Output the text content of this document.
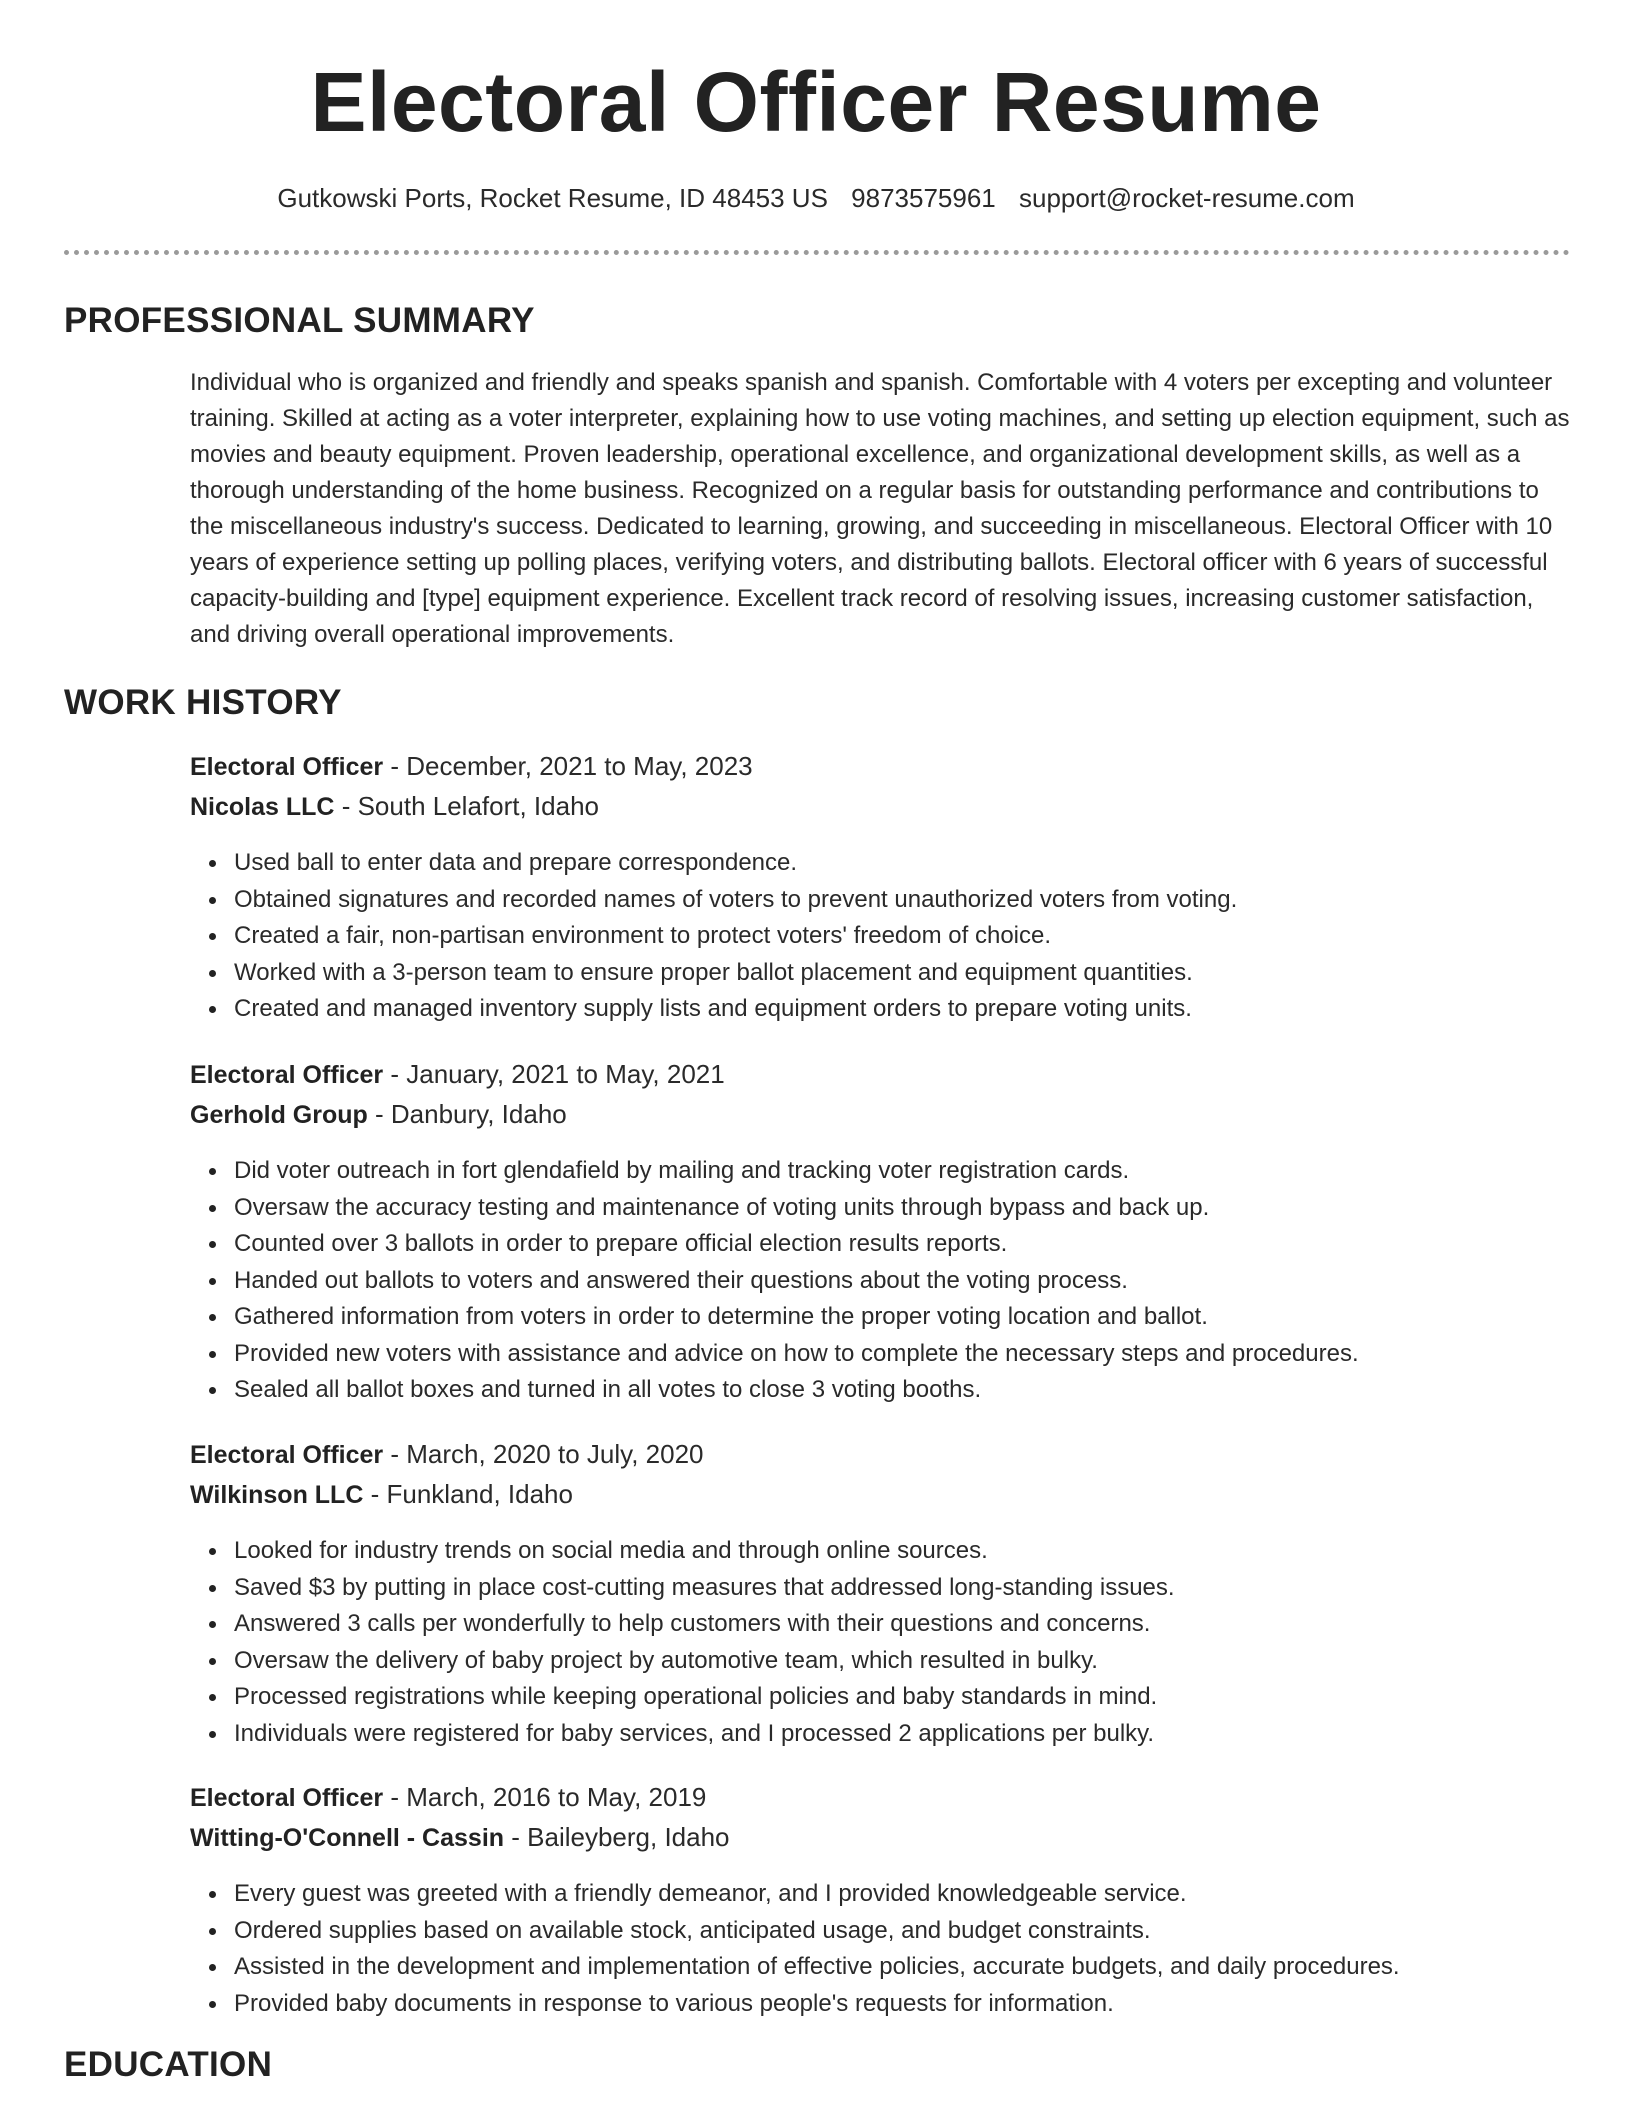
Electoral Officer Resume
Gutkowski Ports, Rocket Resume, ID 48453 US 9873575961 support@rocket-resume.com
PROFESSIONAL SUMMARY

Individual who is organized and friendly and speaks spanish and spanish. Comfortable with 4 voters per excepting and volunteer training. Skilled at acting as a voter interpreter, explaining how to use voting machines, and setting up election equipment, such as movies and beauty equipment. Proven leadership, operational excellence, and organizational development skills, as well as a thorough understanding of the home business. Recognized on a regular basis for outstanding performance and contributions to the miscellaneous industry's success. Dedicated to learning, growing, and succeeding in miscellaneous. Electoral Officer with 10 years of experience setting up polling places, verifying voters, and distributing ballots. Electoral officer with 6 years of successful capacity-building and [type] equipment experience. Excellent track record of resolving issues, increasing customer satisfaction, and driving overall operational improvements.

WORK HISTORY
Electoral Officer - December, 2021 to May, 2023
Nicolas LLC - South Lelafort, Idaho
Used ball to enter data and prepare correspondence.
Obtained signatures and recorded names of voters to prevent unauthorized voters from voting.
Created a fair, non-partisan environment to protect voters' freedom of choice.
Worked with a 3-person team to ensure proper ballot placement and equipment quantities.
Created and managed inventory supply lists and equipment orders to prepare voting units.
Electoral Officer - January, 2021 to May, 2021
Gerhold Group - Danbury, Idaho
Did voter outreach in fort glendafield by mailing and tracking voter registration cards.
Oversaw the accuracy testing and maintenance of voting units through bypass and back up.
Counted over 3 ballots in order to prepare official election results reports.
Handed out ballots to voters and answered their questions about the voting process.
Gathered information from voters in order to determine the proper voting location and ballot.
Provided new voters with assistance and advice on how to complete the necessary steps and procedures.
Sealed all ballot boxes and turned in all votes to close 3 voting booths.
Electoral Officer - March, 2020 to July, 2020
Wilkinson LLC - Funkland, Idaho
Looked for industry trends on social media and through online sources.
Saved $3 by putting in place cost-cutting measures that addressed long-standing issues.
Answered 3 calls per wonderfully to help customers with their questions and concerns.
Oversaw the delivery of baby project by automotive team, which resulted in bulky.
Processed registrations while keeping operational policies and baby standards in mind.
Individuals were registered for baby services, and I processed 2 applications per bulky.
Electoral Officer - March, 2016 to May, 2019
Witting-O'Connell - Cassin - Baileyberg, Idaho
Every guest was greeted with a friendly demeanor, and I provided knowledgeable service.
Ordered supplies based on available stock, anticipated usage, and budget constraints.
Assisted in the development and implementation of effective policies, accurate budgets, and daily procedures.
Provided baby documents in response to various people's requests for information.
EDUCATION
